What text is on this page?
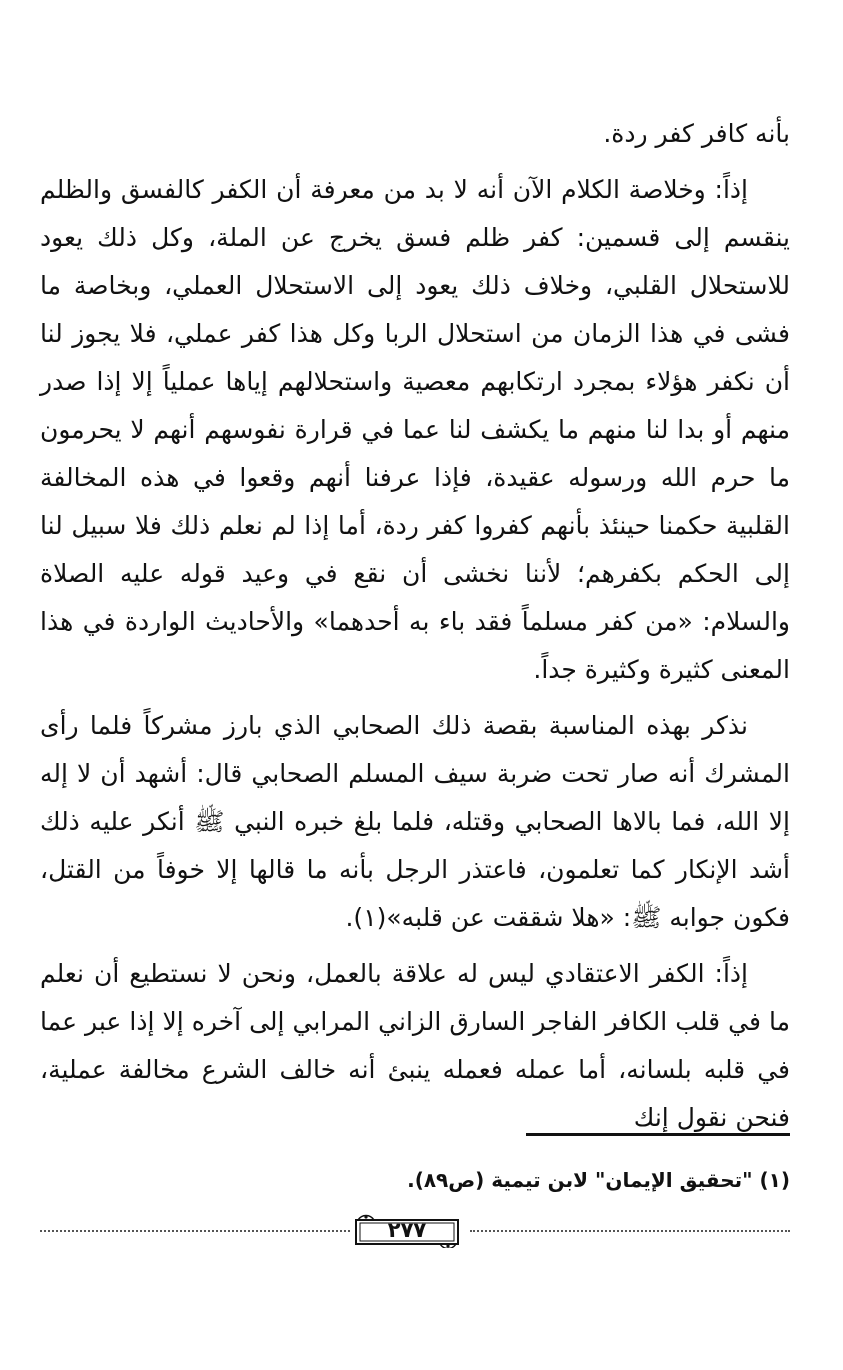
بأنه كافر كفر ردة.

إذاً: وخلاصة الكلام الآن أنه لا بد من معرفة أن الكفر كالفسق والظلم ينقسم إلى قسمين: كفر ظلم فسق يخرج عن الملة، وكل ذلك يعود للاستحلال القلبي، وخلاف ذلك يعود إلى الاستحلال العملي، وبخاصة ما فشى في هذا الزمان من استحلال الربا وكل هذا كفر عملي، فلا يجوز لنا أن نكفر هؤلاء بمجرد ارتكابهم معصية واستحلالهم إياها عملياً إلا إذا صدر منهم أو بدا لنا منهم ما يكشف لنا عما في قرارة نفوسهم أنهم لا يحرمون ما حرم الله ورسوله عقيدة، فإذا عرفنا أنهم وقعوا في هذه المخالفة القلبية حكمنا حينئذ بأنهم كفروا كفر ردة، أما إذا لم نعلم ذلك فلا سبيل لنا إلى الحكم بكفرهم؛ لأننا نخشى أن نقع في وعيد قوله عليه الصلاة والسلام: «من كفر مسلماً فقد باء به أحدهما» والأحاديث الواردة في هذا المعنى كثيرة وكثيرة جداً.

نذكر بهذه المناسبة بقصة ذلك الصحابي الذي بارز مشركاً فلما رأى المشرك أنه صار تحت ضربة سيف المسلم الصحابي قال: أشهد أن لا إله إلا الله، فما بالاها الصحابي وقتله، فلما بلغ خبره النبي ﷺ أنكر عليه ذلك أشد الإنكار كما تعلمون، فاعتذر الرجل بأنه ما قالها إلا خوفاً من القتل، فكون جوابه ﷺ: «هلا شققت عن قلبه»(١).

إذاً: الكفر الاعتقادي ليس له علاقة بالعمل، ونحن لا نستطيع أن نعلم ما في قلب الكافر الفاجر السارق الزاني المرابي إلى آخره إلا إذا عبر عما في قلبه بلسانه، أما عمله فعمله ينبئ أنه خالف الشرع مخالفة عملية، فنحن نقول إنك

(١) "تحقيق الإيمان" لابن تيمية (ص٨٩).
٢٧٧
